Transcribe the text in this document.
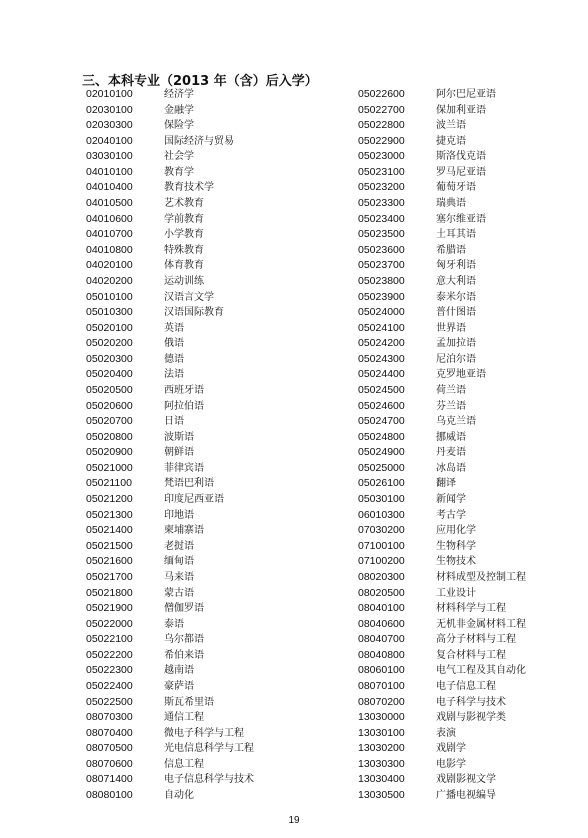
三、本科专业（2013 年（含）后入学）
02010100	经济学
02030100	金融学
02030300	保险学
02040100	国际经济与贸易
03030100	社会学
04010100	教育学
04010400	教育技术学
04010500	艺术教育
04010600	学前教育
04010700	小学教育
04010800	特殊教育
04020100	体育教育
04020200	运动训练
05010100	汉语言文学
05010300	汉语国际教育
05020100	英语
05020200	俄语
05020300	德语
05020400	法语
05020500	西班牙语
05020600	阿拉伯语
05020700	日语
05020800	波斯语
05020900	朝鲜语
05021000	菲律宾语
05021100	梵语巴利语
05021200	印度尼西亚语
05021300	印地语
05021400	柬埔寨语
05021500	老挝语
05021600	缅甸语
05021700	马来语
05021800	蒙古语
05021900	僧伽罗语
05022000	泰语
05022100	乌尔都语
05022200	希伯来语
05022300	越南语
05022400	豪萨语
05022500	斯瓦希里语
08070300	通信工程
08070400	微电子科学与工程
08070500	光电信息科学与工程
08070600	信息工程
08071400	电子信息科学与技术
08080100	自动化
05022600	阿尔巴尼亚语
05022700	保加利亚语
05022800	波兰语
05022900	捷克语
05023000	斯洛伐克语
05023100	罗马尼亚语
05023200	葡萄牙语
05023300	瑞典语
05023400	塞尔维亚语
05023500	土耳其语
05023600	希腊语
05023700	匈牙利语
05023800	意大利语
05023900	泰米尔语
05024000	普什图语
05024100	世界语
05024200	孟加拉语
05024300	尼泊尔语
05024400	克罗地亚语
05024500	荷兰语
05024600	芬兰语
05024700	乌克兰语
05024800	挪威语
05024900	丹麦语
05025000	冰岛语
05026100	翻译
05030100	新闻学
06010300	考古学
07030200	应用化学
07100100	生物科学
07100200	生物技术
08020300	材料成型及控制工程
08020500	工业设计
08040100	材料科学与工程
08040600	无机非金属材料工程
08040700	高分子材料与工程
08040800	复合材料与工程
08060100	电气工程及其自动化
08070100	电子信息工程
08070200	电子科学与技术
13030000	戏剧与影视学类
13030100	表演
13030200	戏剧学
13030300	电影学
13030400	戏剧影视文学
13030500	广播电视编导
19
